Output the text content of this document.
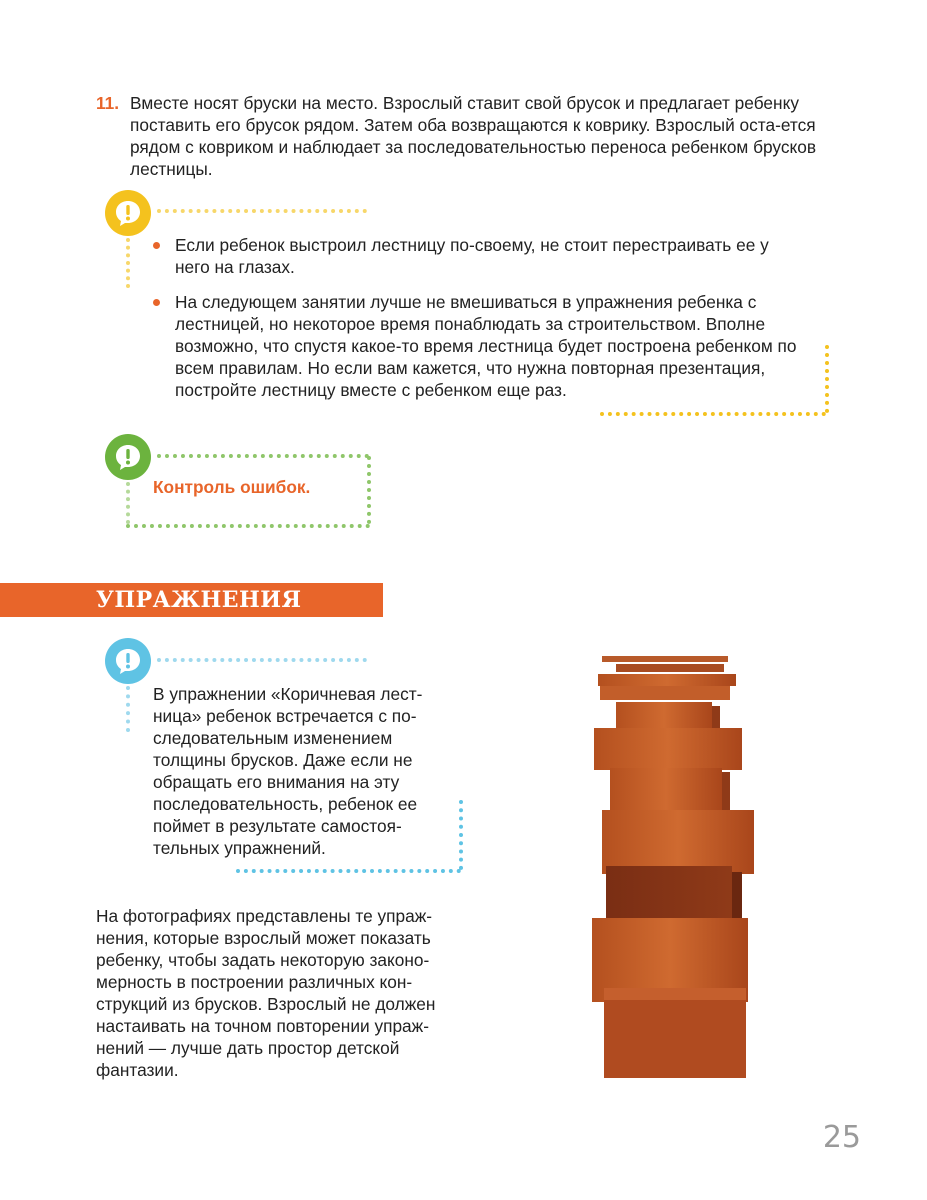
11. Вместе носят бруски на место. Взрослый ставит свой брусок и предлагает ребенку поставить его брусок рядом. Затем оба возвращаются к коврику. Взрослый оста-ется рядом с ковриком и наблюдает за последовательностью переноса ребенком брусков лестницы.
Если ребенок выстроил лестницу по-своему, не стоит перестраивать ее у него на глазах.
На следующем занятии лучше не вмешиваться в упражнения ребенка с лестницей, но некоторое время понаблюдать за строительством. Вполне возможно, что спустя какое-то время лестница будет построена ребенком по всем правилам. Но если вам кажется, что нужна повторная презентация, постройте лестницу вместе с ребенком еще раз.
Контроль ошибок.
УПРАЖНЕНИЯ
В упражнении «Коричневая лест-ница» ребенок встречается с по-следовательным изменением толщины брусков. Даже если не обращать его внимания на эту последовательность, ребенок ее поймет в результате самостоя-тельных упражнений.
На фотографиях представлены те упраж-нения, которые взрослый может показать ребенку, чтобы задать некоторую законо-мерность в построении различных кон-струкций из брусков. Взрослый не должен настаивать на точном повторении упраж-нений — лучше дать простор детской фантазии.
25
